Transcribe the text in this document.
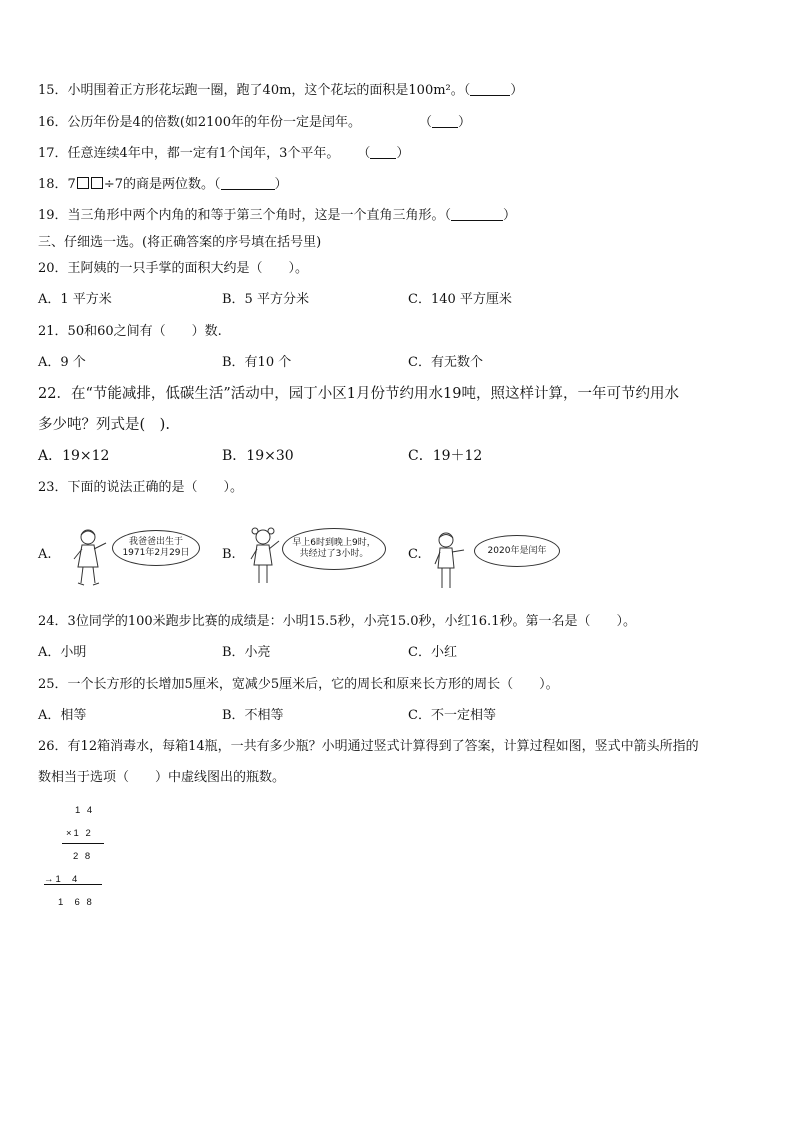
15．小明围着正方形花坛跑一圈，跑了40m，这个花坛的面积是100m²。（	）
16．公历年份是4的倍数(如2100年的年份一定是闰年。	（ ）
17．任意连续4年中，都一定有1个闰年，3个平年。 （ ）
18．7 ÷7的商是两位数。（	）
19．当三角形中两个内角的和等于第三个角时，这是一个直角三角形。（	）
三、仔细选一选。(将正确答案的序号填在括号里)
20．王阿姨的一只手掌的面积大约是（　　）。
A．1 平方米	B．5 平方分米	C．140 平方厘米
21．50和60之间有（　　）数.
A．9 个	B．有10 个	C．有无数个
22．在“节能减排，低碳生活”活动中，园丁小区1月份节约用水19吨，照这样计算，一年可节约用水
多少吨？列式是(　).
A．19×12	B．19×30	C．19＋12
23．下面的说法正确的是（　　）。
A.
我爸爸出生于
1971年2月29日 B.
早上6时到晚上9时，
共经过了3小时。	C.	2020年是闰年
24．3位同学的100米跑步比赛的成绩是：小明15.5秒，小亮15.0秒，小红16.1秒。第一名是（　　）。
A．小明	B．小亮	C．小红
25．一个长方形的长增加5厘米，宽减少5厘米后，它的周长和原来长方形的周长（　　）。
A．相等	B．不相等	C．不一定相等
26．有12箱消毒水，每箱14瓶，一共有多少瓶？小明通过竖式计算得到了答案，计算过程如图，竖式中箭头所指的
数相当于选项（　　）中虚线图出的瓶数。
1 4
×1 2
2 8
→1  4
1  6 8
